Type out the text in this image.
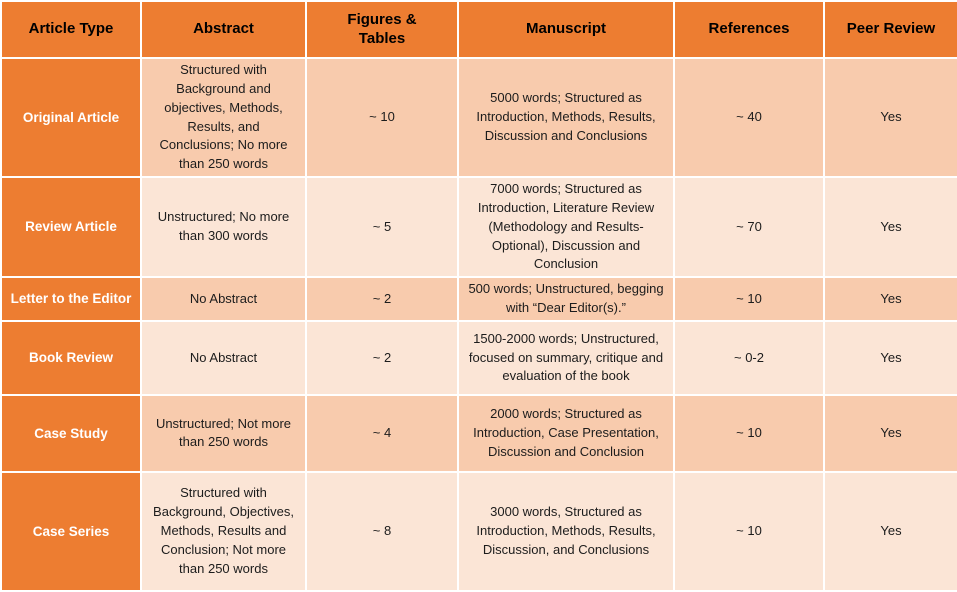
Article Type	Abstract	Figures & Tables	Manuscript	References	Peer Review
Original Article	Structured with Background and objectives, Methods, Results, and Conclusions; No more than 250 words	~ 10	5000 words; Structured as Introduction, Methods, Results, Discussion and Conclusions	~ 40	Yes
Review Article	Unstructured; No more than 300 words	~ 5	7000 words; Structured as Introduction, Literature Review (Methodology and Results-Optional), Discussion and Conclusion	~ 70	Yes
Letter to the Editor	No Abstract	~ 2	500 words; Unstructured, begging with “Dear Editor(s).”	~ 10	Yes
Book Review	No Abstract	~ 2	1500-2000 words; Unstructured, focused on summary, critique and evaluation of the book	~ 0-2	Yes
Case Study	Unstructured; Not more than 250 words	~ 4	2000 words; Structured as Introduction, Case Presentation, Discussion and Conclusion	~ 10	Yes
Case Series	Structured with Background, Objectives, Methods, Results and Conclusion; Not more than 250 words	~ 8	3000 words, Structured as Introduction, Methods, Results, Discussion, and Conclusions	~ 10	Yes
